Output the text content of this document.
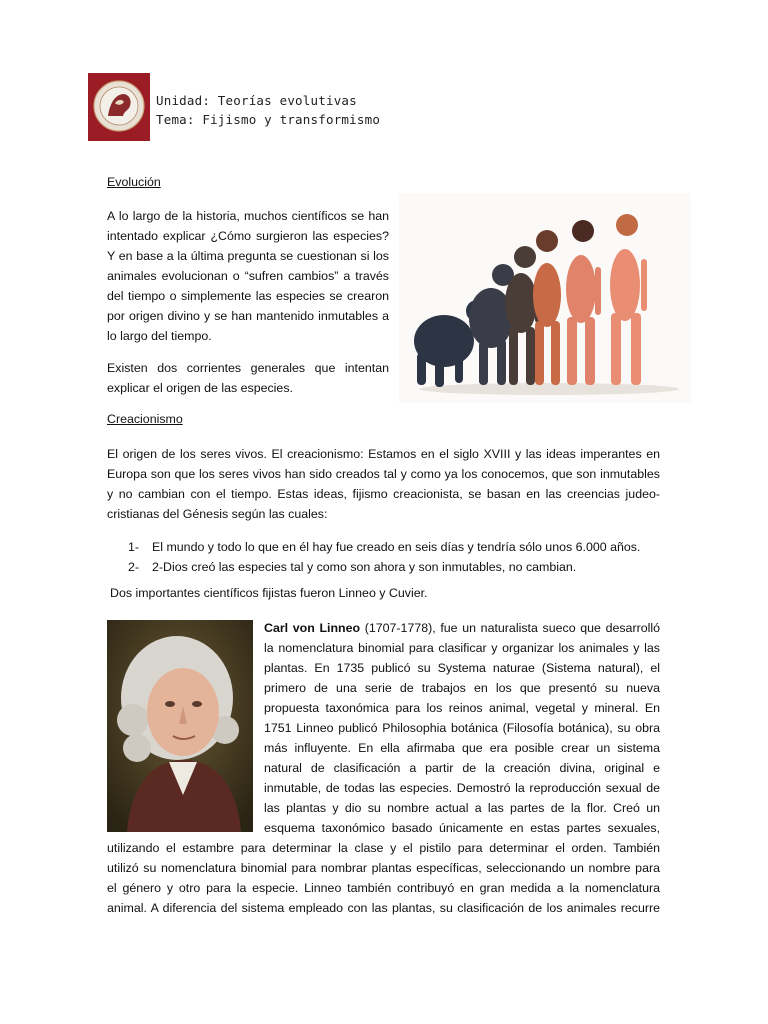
Unidad: Teorías evolutivas
Tema: Fijismo y transformismo
Evolución
A lo largo de la historia, muchos científicos se han intentado explicar ¿Cómo surgieron las especies? Y en base a la última pregunta se cuestionan si los animales evolucionan o “sufren cambios” a través del tiempo o simplemente las especies se crearon por origen divino y se han mantenido inmutables a lo largo del tiempo.
Existen dos corrientes generales que intentan explicar el origen de las especies.
Creacionismo
El origen de los seres vivos. El creacionismo: Estamos en el siglo XVIII y las ideas imperantes en Europa son que los seres vivos han sido creados tal y como ya los conocemos, que son inmutables y no cambian con el tiempo. Estas ideas, fijismo creacionista, se basan en las creencias judeo-cristianas del Génesis según las cuales:
1- El mundo y todo lo que en él hay fue creado en seis días y tendría sólo unos 6.000 años.
2- 2-Dios creó las especies tal y como son ahora y son inmutables, no cambian.
Dos importantes científicos fijistas fueron Linneo y Cuvier.
Carl von Linneo (1707-1778), fue un naturalista sueco que desarrolló
la nomenclatura binomial para clasificar y organizar los animales y las
plantas. En 1735 publicó su Systema naturae (Sistema natural), el
primero de una serie de trabajos en los que presentó su nueva
propuesta taxonómica para los reinos animal, vegetal y mineral. En
1751 Linneo publicó Philosophia botánica (Filosofía botánica), su obra
más influyente. En ella afirmaba que era posible crear un sistema
natural de clasificación a partir de la creación divina, original e
inmutable, de todas las especies. Demostró la reproducción sexual de
las plantas y dio su nombre actual a las partes de la flor. Creó un
esquema taxonómico basado únicamente en estas partes sexuales,
utilizando el estambre para determinar la clase y el pistilo para determinar el orden. También
utilizó su nomenclatura binomial para nombrar plantas específicas, seleccionando un nombre para
el género y otro para la especie. Linneo también contribuyó en gran medida a la nomenclatura
animal. A diferencia del sistema empleado con las plantas, su clasificación de los animales recurre
